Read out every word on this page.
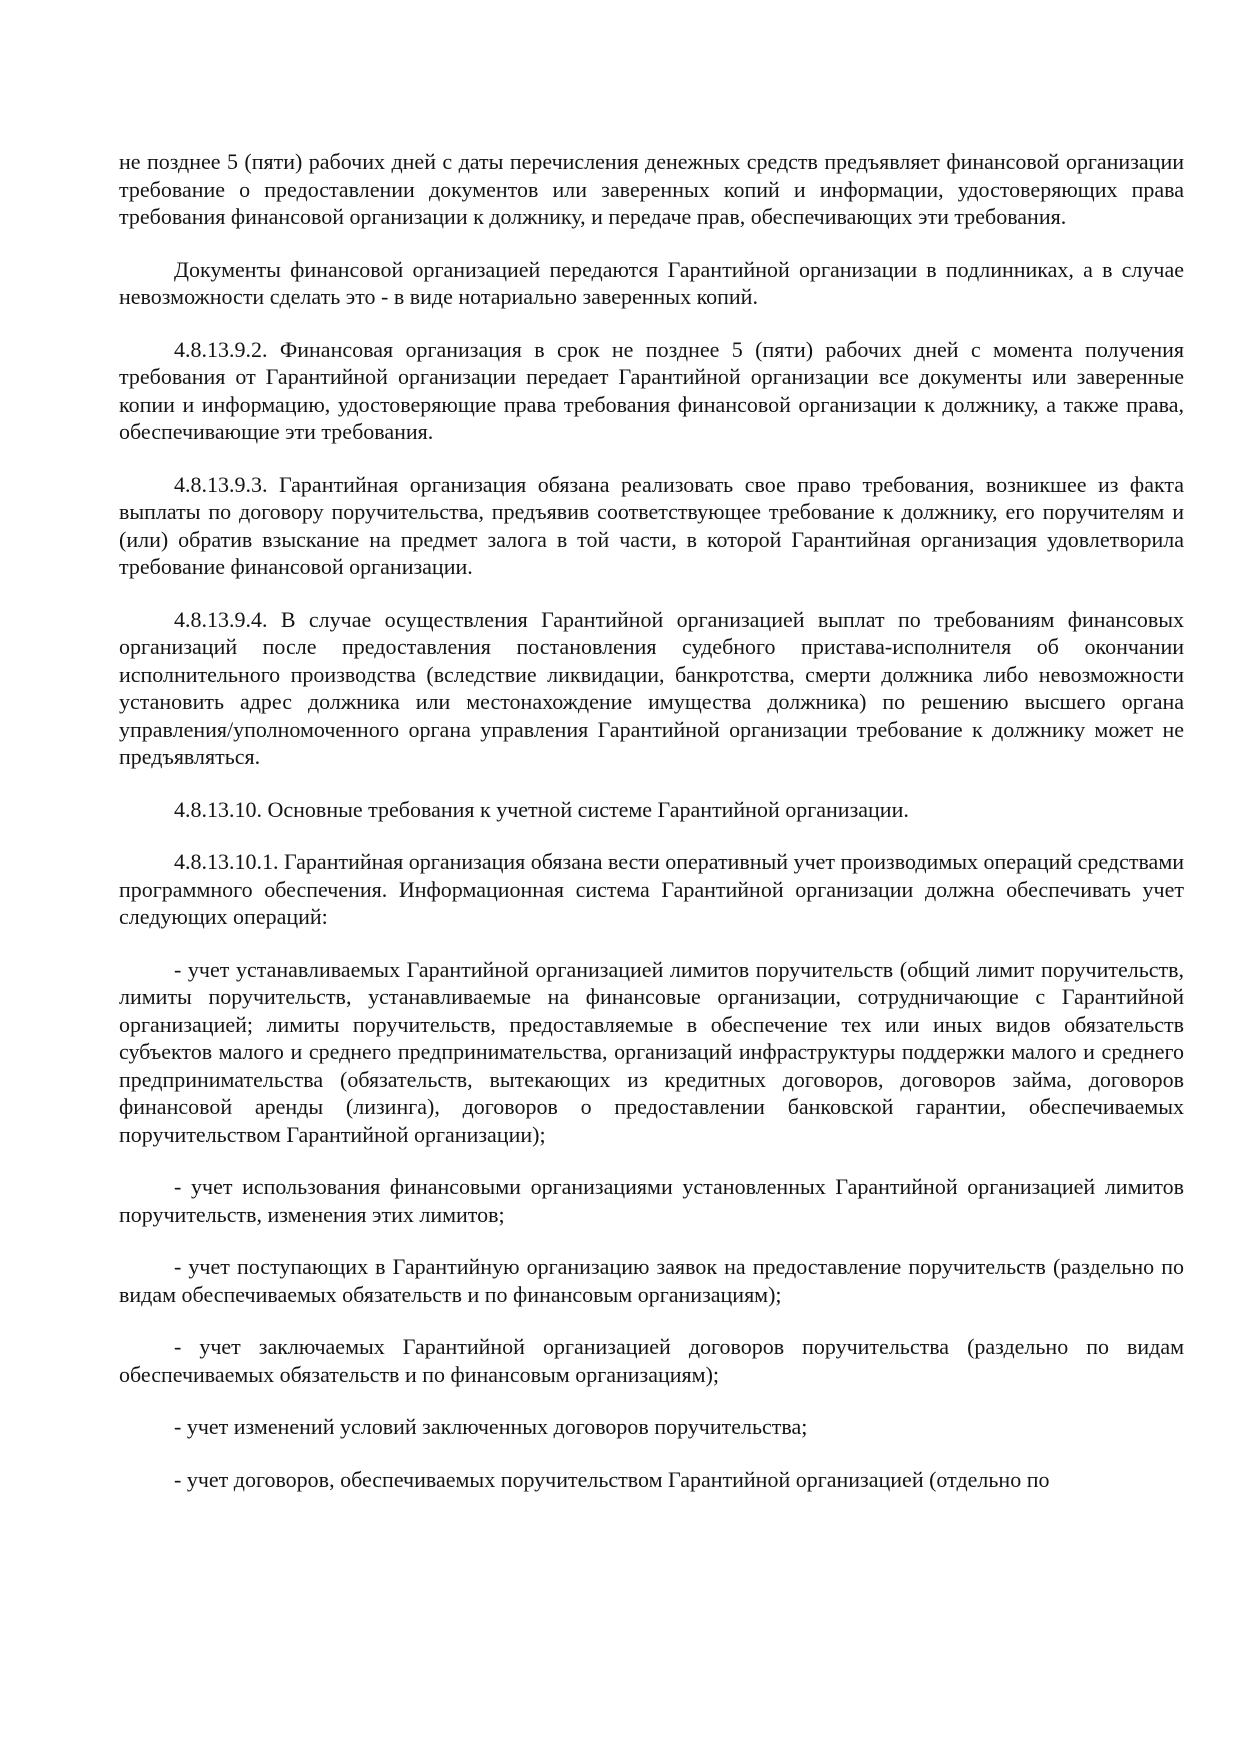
не позднее 5 (пяти) рабочих дней с даты перечисления денежных средств предъявляет финансовой организации требование о предоставлении документов или заверенных копий и информации, удостоверяющих права требования финансовой организации к должнику, и передаче прав, обеспечивающих эти требования.

Документы финансовой организацией передаются Гарантийной организации в подлинниках, а в случае невозможности сделать это - в виде нотариально заверенных копий.

4.8.13.9.2. Финансовая организация в срок не позднее 5 (пяти) рабочих дней с момента получения требования от Гарантийной организации передает Гарантийной организации все документы или заверенные копии и информацию, удостоверяющие права требования финансовой организации к должнику, а также права, обеспечивающие эти требования.

4.8.13.9.3. Гарантийная организация обязана реализовать свое право требования, возникшее из факта выплаты по договору поручительства, предъявив соответствующее требование к должнику, его поручителям и (или) обратив взыскание на предмет залога в той части, в которой Гарантийная организация удовлетворила требование финансовой организации.

4.8.13.9.4. В случае осуществления Гарантийной организацией выплат по требованиям финансовых организаций после предоставления постановления судебного пристава-исполнителя об окончании исполнительного производства (вследствие ликвидации, банкротства, смерти должника либо невозможности установить адрес должника или местонахождение имущества должника) по решению высшего органа управления/уполномоченного органа управления Гарантийной организации требование к должнику может не предъявляться.

4.8.13.10. Основные требования к учетной системе Гарантийной организации.

4.8.13.10.1. Гарантийная организация обязана вести оперативный учет производимых операций средствами программного обеспечения. Информационная система Гарантийной организации должна обеспечивать учет следующих операций:

- учет устанавливаемых Гарантийной организацией лимитов поручительств (общий лимит поручительств, лимиты поручительств, устанавливаемые на финансовые организации, сотрудничающие с Гарантийной организацией; лимиты поручительств, предоставляемые в обеспечение тех или иных видов обязательств субъектов малого и среднего предпринимательства, организаций инфраструктуры поддержки малого и среднего предпринимательства (обязательств, вытекающих из кредитных договоров, договоров займа, договоров финансовой аренды (лизинга), договоров о предоставлении банковской гарантии, обеспечиваемых поручительством Гарантийной организации);

- учет использования финансовыми организациями установленных Гарантийной организацией лимитов поручительств, изменения этих лимитов;

- учет поступающих в Гарантийную организацию заявок на предоставление поручительств (раздельно по видам обеспечиваемых обязательств и по финансовым организациям);

- учет заключаемых Гарантийной организацией договоров поручительства (раздельно по видам обеспечиваемых обязательств и по финансовым организациям);

- учет изменений условий заключенных договоров поручительства;

- учет договоров, обеспечиваемых поручительством Гарантийной организацией (отдельно по
